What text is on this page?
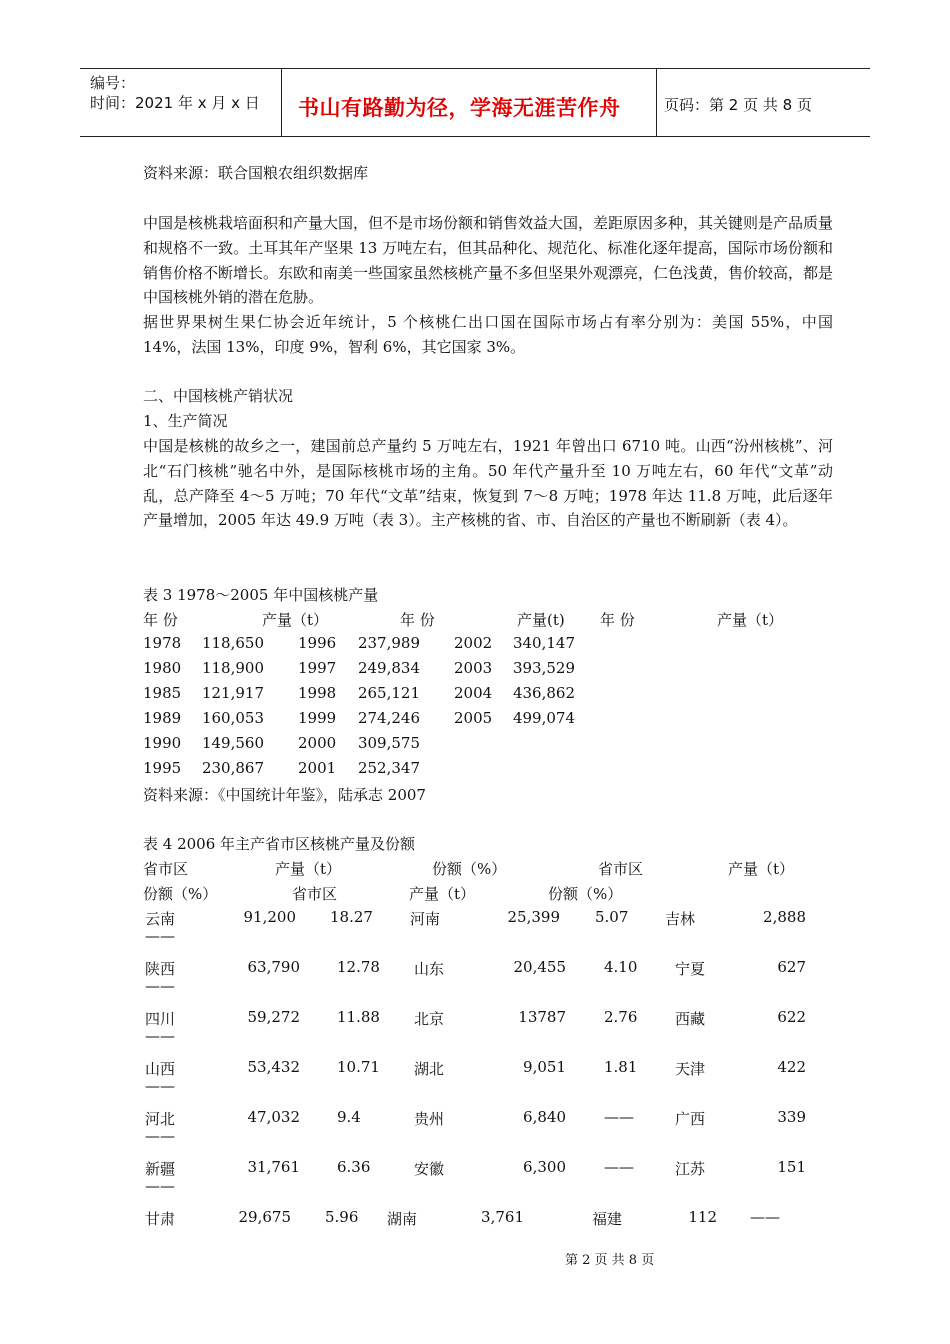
编号：
时间：2021 年 x 月 x 日 书山有路勤为径，学海无涯苦作舟	页码：第 2 页 共 8 页
资料来源：联合国粮农组织数据库
中国是核桃栽培面积和产量大国，但不是市场份额和销售效益大国，差距原因多种，其关键则是产品质量和规格不一致。土耳其年产坚果 13 万吨左右，但其品种化、规范化、标准化逐年提高，国际市场份额和销售价格不断增长。东欧和南美一些国家虽然核桃产量不多但坚果外观漂亮，仁色浅黄，售价较高，都是中国核桃外销的潜在危胁。
据世界果树生果仁协会近年统计，5 个核桃仁出口国在国际市场占有率分别为：美国 55%，中国 14%，法国 13%，印度 9%，智利 6%，其它国家 3%。
二、中国核桃产销状况
1、生产简况
中国是核桃的故乡之一，建国前总产量约 5 万吨左右，1921 年曾出口 6710 吨。山西“汾州核桃”、河北“石门核桃”驰名中外，是国际核桃市场的主角。50 年代产量升至 10 万吨左右，60 年代“文革”动乱，总产降至 4～5 万吨；70 年代“文革”结束，恢复到 7～8 万吨；1978 年达 11.8 万吨，此后逐年产量增加，2005 年达 49.9 万吨（表 3）。主产核桃的省、市、自治区的产量也不断刷新（表 4）。
表 3 1978～2005 年中国核桃产量
年 份	产量（t）	年 份	产量(t) 年 份	产量（t）
1978	118,650 1996	237,989 2002	340,147
1980	118,900 1997	249,834 2003	393,529
1985	121,917 1998	265,121 2004	436,862
1989	160,053 1999	274,246 2005	499,074
1990	149,560 2000	309,575
1995	230,867 2001	252,347
资料来源：《中国统计年鉴》，陆承志 2007
表 4 2006 年主产省市区核桃产量及份额
省市区	产量（t）	份额（%）	省市区	产量（t）
份额（%）	省市区	产量（t）	份额（%）
云南	91,200 18.27 河南	25,399 5.07 吉林	2,888
——
陕西	63,790 12.78 山东	20,455	4.10	宁夏	627
——
四川	59,272 11.88 北京	13787	2.76	西藏	622
——
山西	53,432 10.71 湖北	9,051	1.81	天津	422
——
河北	47,032 9.4	贵州	6,840	——	广西	339
——
新疆	31,761 6.36	安徽	6,300	——	江苏	151
——
甘肃	29,675 5.96 湖南	3,761	福建	112 ——
第 2 页 共 8 页
